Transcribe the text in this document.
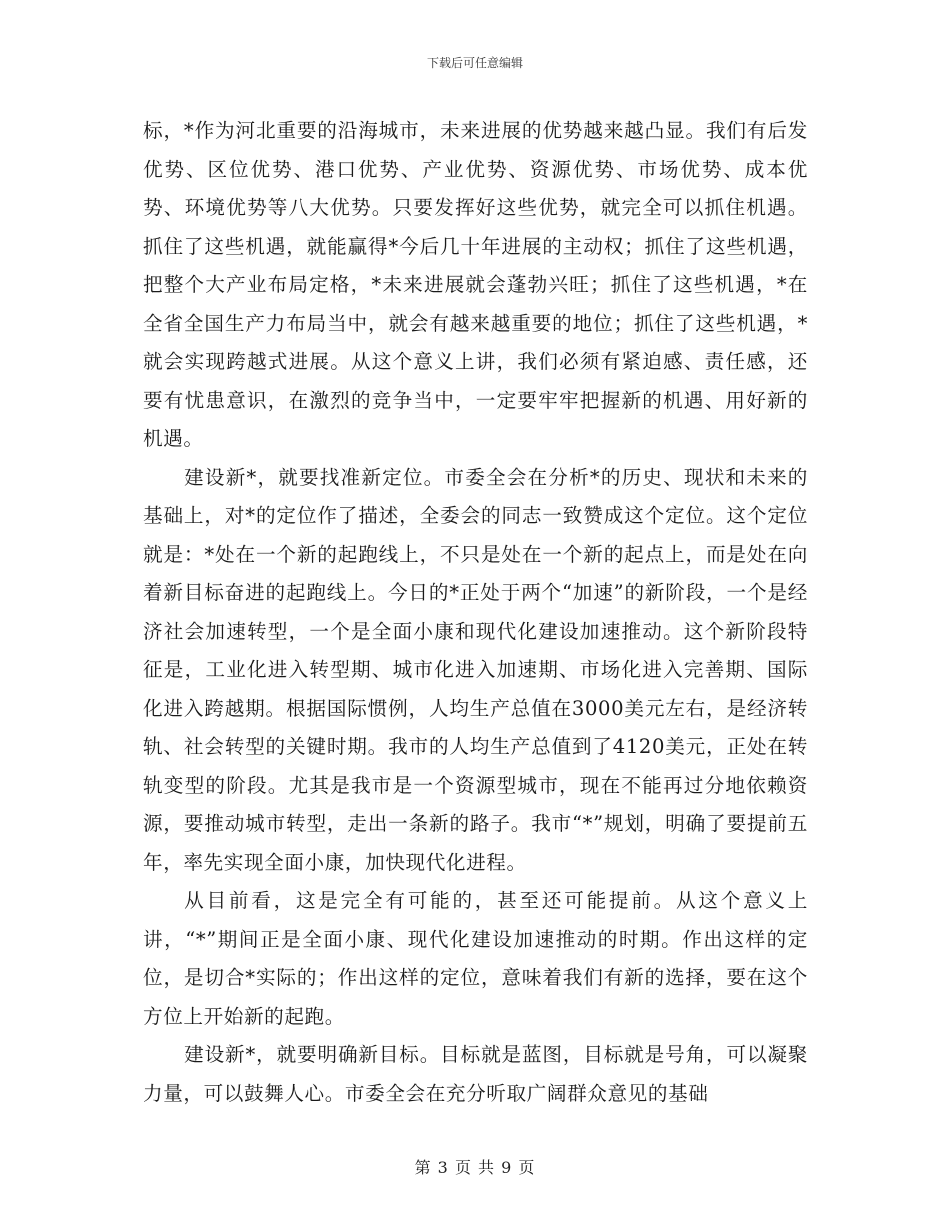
下载后可任意编辑

标，*作为河北重要的沿海城市，未来进展的优势越来越凸显。我们有后发优势、区位优势、港口优势、产业优势、资源优势、市场优势、成本优势、环境优势等八大优势。只要发挥好这些优势，就完全可以抓住机遇。抓住了这些机遇，就能赢得*今后几十年进展的主动权；抓住了这些机遇，把整个大产业布局定格，*未来进展就会蓬勃兴旺；抓住了这些机遇，*在全省全国生产力布局当中，就会有越来越重要的地位；抓住了这些机遇，*就会实现跨越式进展。从这个意义上讲，我们必须有紧迫感、责任感，还要有忧患意识，在激烈的竞争当中，一定要牢牢把握新的机遇、用好新的机遇。

建设新*，就要找准新定位。市委全会在分析*的历史、现状和未来的基础上，对*的定位作了描述，全委会的同志一致赞成这个定位。这个定位就是：*处在一个新的起跑线上，不只是处在一个新的起点上，而是处在向着新目标奋进的起跑线上。今日的*正处于两个“加速”的新阶段，一个是经济社会加速转型，一个是全面小康和现代化建设加速推动。这个新阶段特征是，工业化进入转型期、城市化进入加速期、市场化进入完善期、国际化进入跨越期。根据国际惯例，人均生产总值在3000美元左右，是经济转轨、社会转型的关键时期。我市的人均生产总值到了4120美元，正处在转轨变型的阶段。尤其是我市是一个资源型城市，现在不能再过分地依赖资源，要推动城市转型，走出一条新的路子。我市“*”规划，明确了要提前五年，率先实现全面小康，加快现代化进程。

从目前看，这是完全有可能的，甚至还可能提前。从这个意义上讲，“*”期间正是全面小康、现代化建设加速推动的时期。作出这样的定位，是切合*实际的；作出这样的定位，意味着我们有新的选择，要在这个方位上开始新的起跑。

建设新*，就要明确新目标。目标就是蓝图，目标就是号角，可以凝聚力量，可以鼓舞人心。市委全会在充分听取广阔群众意见的基础

第 3 页 共 9 页
